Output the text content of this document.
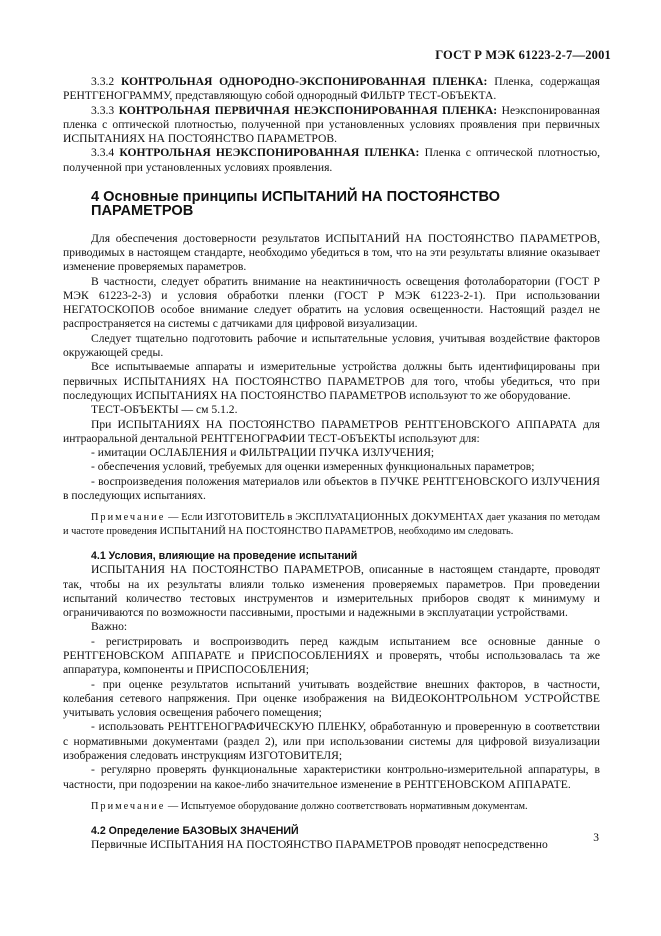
ГОСТ Р МЭК 61223-2-7—2001

3.3.2 КОНТРОЛЬНАЯ ОДНОРОДНО-ЭКСПОНИРОВАННАЯ ПЛЕНКА: Пленка, содержащая РЕНТГЕНОГРАММУ, представляющую собой однородный ФИЛЬТР ТЕСТ-ОБЪЕКТА.

3.3.3 КОНТРОЛЬНАЯ ПЕРВИЧНАЯ НЕЭКСПОНИРОВАННАЯ ПЛЕНКА: Неэкспонированная пленка с оптической плотностью, полученной при установленных условиях проявления при первичных ИСПЫТАНИЯХ НА ПОСТОЯНСТВО ПАРАМЕТРОВ.

3.3.4 КОНТРОЛЬНАЯ НЕЭКСПОНИРОВАННАЯ ПЛЕНКА: Пленка с оптической плотностью, полученной при установленных условиях проявления.

4 Основные принципы ИСПЫТАНИЙ НА ПОСТОЯНСТВО ПАРАМЕТРОВ

Для обеспечения достоверности результатов ИСПЫТАНИЙ НА ПОСТОЯНСТВО ПАРАМЕТРОВ, приводимых в настоящем стандарте, необходимо убедиться в том, что на эти результаты влияние оказывает изменение проверяемых параметров.

В частности, следует обратить внимание на неактиничность освещения фотолаборатории (ГОСТ Р МЭК 61223-2-3) и условия обработки пленки (ГОСТ Р МЭК 61223-2-1). При использовании НЕГАТОСКОПОВ особое внимание следует обратить на условия освещенности. Настоящий раздел не распространяется на системы с датчиками для цифровой визуализации.

Следует тщательно подготовить рабочие и испытательные условия, учитывая воздействие факторов окружающей среды.

Все испытываемые аппараты и измерительные устройства должны быть идентифицированы при первичных ИСПЫТАНИЯХ НА ПОСТОЯНСТВО ПАРАМЕТРОВ для того, чтобы убедиться, что при последующих ИСПЫТАНИЯХ НА ПОСТОЯНСТВО ПАРАМЕТРОВ используют то же оборудование.

ТЕСТ-ОБЪЕКТЫ — см 5.1.2.

При ИСПЫТАНИЯХ НА ПОСТОЯНСТВО ПАРАМЕТРОВ РЕНТГЕНОВСКОГО АППАРАТА для интраоральной дентальной РЕНТГЕНОГРАФИИ ТЕСТ-ОБЪЕКТЫ используют для:

- имитации ОСЛАБЛЕНИЯ и ФИЛЬТРАЦИИ ПУЧКА ИЗЛУЧЕНИЯ;

- обеспечения условий, требуемых для оценки измеренных функциональных параметров;

- воспроизведения положения материалов или объектов в ПУЧКЕ РЕНТГЕНОВСКОГО ИЗЛУЧЕНИЯ в последующих испытаниях.

Примечание — Если ИЗГОТОВИТЕЛЬ в ЭКСПЛУАТАЦИОННЫХ ДОКУМЕНТАХ дает указания по методам и частоте проведения ИСПЫТАНИЙ НА ПОСТОЯНСТВО ПАРАМЕТРОВ, необходимо им следовать.

4.1 Условия, влияющие на проведение испытаний

ИСПЫТАНИЯ НА ПОСТОЯНСТВО ПАРАМЕТРОВ, описанные в настоящем стандарте, проводят так, чтобы на их результаты влияли только изменения проверяемых параметров. При проведении испытаний количество тестовых инструментов и измерительных приборов сводят к минимуму и ограничиваются по возможности пассивными, простыми и надежными в эксплуатации устройствами.

Важно:

- регистрировать и воспроизводить перед каждым испытанием все основные данные о РЕНТГЕНОВСКОМ АППАРАТЕ и ПРИСПОСОБЛЕНИЯХ и проверять, чтобы использовалась та же аппаратура, компоненты и ПРИСПОСОБЛЕНИЯ;

- при оценке результатов испытаний учитывать воздействие внешних факторов, в частности, колебания сетевого напряжения. При оценке изображения на ВИДЕОКОНТРОЛЬНОМ УСТРОЙСТВЕ учитывать условия освещения рабочего помещения;

- использовать РЕНТГЕНОГРАФИЧЕСКУЮ ПЛЕНКУ, обработанную и проверенную в соответствии с нормативными документами (раздел 2), или при использовании системы для цифровой визуализации изображения следовать инструкциям ИЗГОТОВИТЕЛЯ;

- регулярно проверять функциональные характеристики контрольно-измерительной аппаратуры, в частности, при подозрении на какое-либо значительное изменение в РЕНТГЕНОВСКОМ АППАРАТЕ.

Примечание — Испытуемое оборудование должно соответствовать нормативным документам.

4.2 Определение БАЗОВЫХ ЗНАЧЕНИЙ

Первичные ИСПЫТАНИЯ НА ПОСТОЯНСТВО ПАРАМЕТРОВ проводят непосредственно

3
